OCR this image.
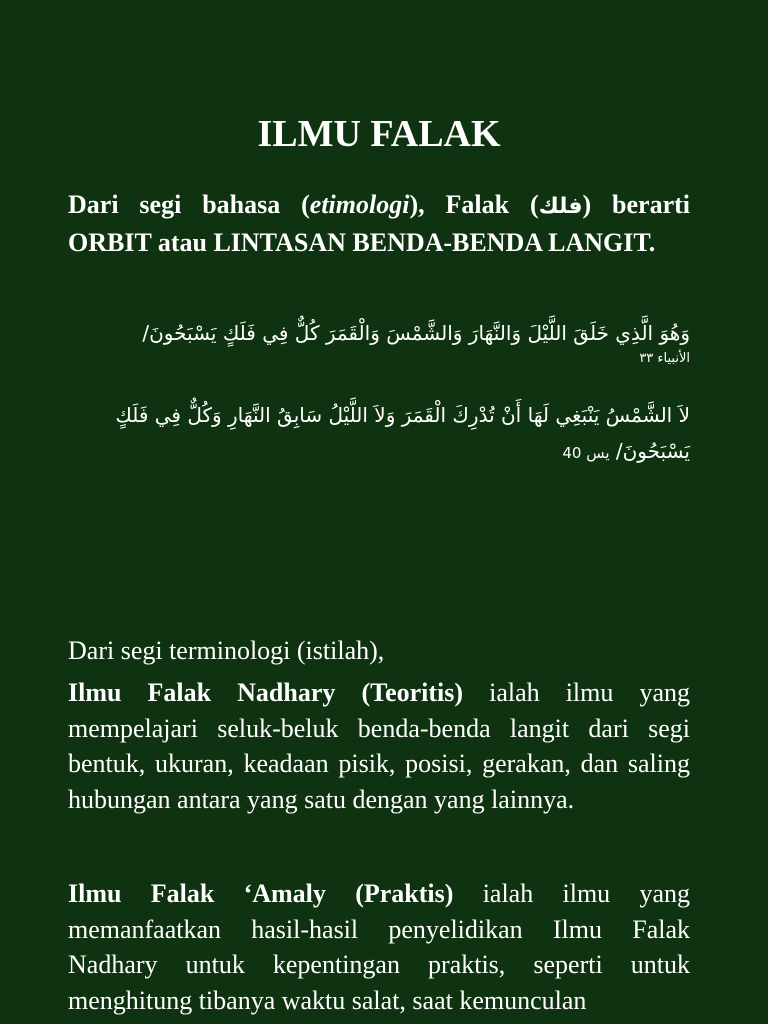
ILMU FALAK
Dari segi bahasa (etimologi), Falak (فلك) berarti ORBIT atau LINTASAN BENDA-BENDA LANGIT.
وَهُوَ الَّذِي خَلَقَ اللَّيْلَ وَالنَّهَارَ وَالشَّمْسَ وَالْقَمَرَ كُلٌّ فِي فَلَكٍ يَسْبَحُونَ/
الأنبياء ٣٣
لاَ الشَّمْسُ يَنْبَغِي لَهَا أَنْ تُدْرِكَ الْقَمَرَ وَلاَ اللَّيْلُ سَابِقُ النَّهَارِ وَكُلٌّ فِي فَلَكٍ
يَسْبَحُونَ/ يس 40
Dari segi terminologi (istilah),
Ilmu Falak Nadhary (Teoritis) ialah ilmu yang mempelajari seluk-beluk benda-benda langit dari segi bentuk, ukuran, keadaan pisik, posisi, gerakan, dan saling hubungan antara yang satu dengan yang lainnya.
Ilmu Falak ‘Amaly (Praktis) ialah ilmu yang memanfaatkan hasil-hasil penyelidikan Ilmu Falak Nadhary untuk kepentingan praktis, seperti untuk menghitung tibanya waktu salat, saat kemunculan
